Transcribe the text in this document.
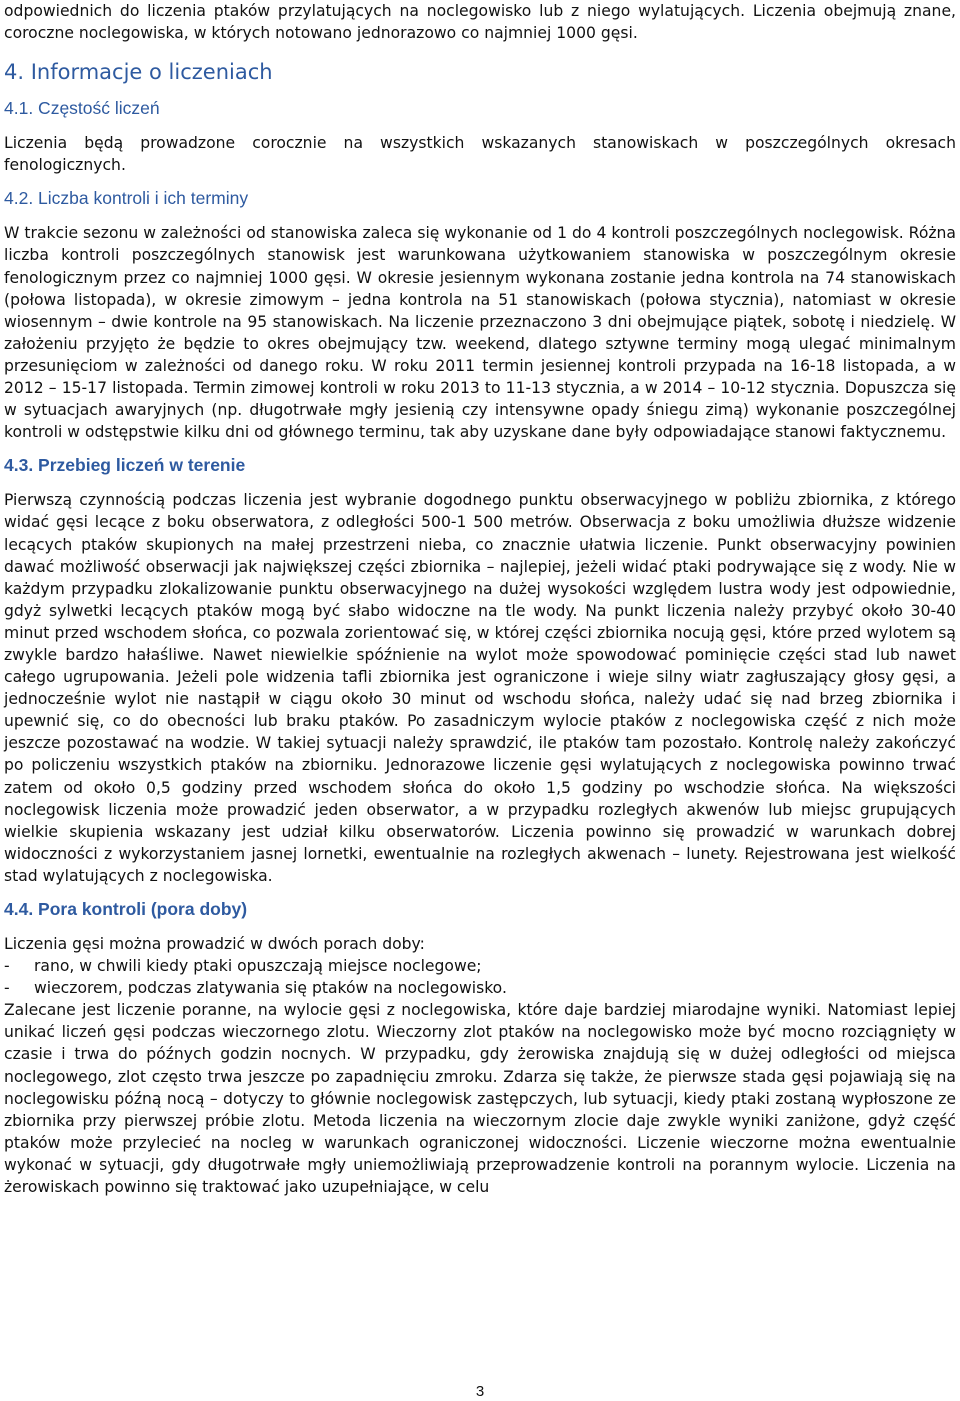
odpowiednich do liczenia ptaków przylatujących na noclegowisko lub z niego wylatujących. Liczenia obejmują znane, coroczne noclegowiska, w których notowano jednorazowo co najmniej 1000 gęsi.

4. Informacje o liczeniach
4.1. Częstość liczeń

Liczenia będą prowadzone corocznie na wszystkich wskazanych stanowiskach w poszczególnych okresach fenologicznych.

4.2. Liczba kontroli i ich terminy

W trakcie sezonu w zależności od stanowiska zaleca się wykonanie od 1 do 4 kontroli poszczególnych noclegowisk. Różna liczba kontroli poszczególnych stanowisk jest warunkowana użytkowaniem stanowiska w poszczególnym okresie fenologicznym przez co najmniej 1000 gęsi. W okresie jesiennym wykonana zostanie jedna kontrola na 74 stanowiskach (połowa listopada), w okresie zimowym – jedna kontrola na 51 stanowiskach (połowa stycznia), natomiast w okresie wiosennym – dwie kontrole na 95 stanowiskach. Na liczenie przeznaczono 3 dni obejmujące piątek, sobotę i niedzielę. W założeniu przyjęto że będzie to okres obejmujący tzw. weekend, dlatego sztywne terminy mogą ulegać minimalnym przesunięciom w zależności od danego roku. W roku 2011 termin jesiennej kontroli przypada na 16-18 listopada, a w 2012 – 15-17 listopada. Termin zimowej kontroli w roku 2013 to 11-13 stycznia, a w 2014 – 10-12 stycznia. Dopuszcza się w sytuacjach awaryjnych (np. długotrwałe mgły jesienią czy intensywne opady śniegu zimą) wykonanie poszczególnej kontroli w odstępstwie kilku dni od głównego terminu, tak aby uzyskane dane były odpowiadające stanowi faktycznemu.

4.3. Przebieg liczeń w terenie

Pierwszą czynnością podczas liczenia jest wybranie dogodnego punktu obserwacyjnego w pobliżu zbiornika, z którego widać gęsi lecące z boku obserwatora, z odległości 500-1 500 metrów. Obserwacja z boku umożliwia dłuższe widzenie lecących ptaków skupionych na małej przestrzeni nieba, co znacznie ułatwia liczenie. Punkt obserwacyjny powinien dawać możliwość obserwacji jak największej części zbiornika – najlepiej, jeżeli widać ptaki podrywające się z wody. Nie w każdym przypadku zlokalizowanie punktu obserwacyjnego na dużej wysokości względem lustra wody jest odpowiednie, gdyż sylwetki lecących ptaków mogą być słabo widoczne na tle wody. Na punkt liczenia należy przybyć około 30-40 minut przed wschodem słońca, co pozwala zorientować się, w której części zbiornika nocują gęsi, które przed wylotem są zwykle bardzo hałaśliwe. Nawet niewielkie spóźnienie na wylot może spowodować pominięcie części stad lub nawet całego ugrupowania. Jeżeli pole widzenia tafli zbiornika jest ograniczone i wieje silny wiatr zagłuszający głosy gęsi, a jednocześnie wylot nie nastąpił w ciągu około 30 minut od wschodu słońca, należy udać się nad brzeg zbiornika i upewnić się, co do obecności lub braku ptaków. Po zasadniczym wylocie ptaków z noclegowiska część z nich może jeszcze pozostawać na wodzie. W takiej sytuacji należy sprawdzić, ile ptaków tam pozostało. Kontrolę należy zakończyć po policzeniu wszystkich ptaków na zbiorniku. Jednorazowe liczenie gęsi wylatujących z noclegowiska powinno trwać zatem od około 0,5 godziny przed wschodem słońca do około 1,5 godziny po wschodzie słońca. Na większości noclegowisk liczenia może prowadzić jeden obserwator, a w przypadku rozległych akwenów lub miejsc grupujących wielkie skupienia wskazany jest udział kilku obserwatorów. Liczenia powinno się prowadzić w warunkach dobrej widoczności z wykorzystaniem jasnej lornetki, ewentualnie na rozległych akwenach – lunety. Rejestrowana jest wielkość stad wylatujących z noclegowiska.

4.4. Pora kontroli (pora doby)

Liczenia gęsi można prowadzić w dwóch porach doby:

- rano, w chwili kiedy ptaki opuszczają miejsce noclegowe;
- wieczorem, podczas zlatywania się ptaków na noclegowisko.

Zalecane jest liczenie poranne, na wylocie gęsi z noclegowiska, które daje bardziej miarodajne wyniki. Natomiast lepiej unikać liczeń gęsi podczas wieczornego zlotu. Wieczorny zlot ptaków na noclegowisko może być mocno rozciągnięty w czasie i trwa do późnych godzin nocnych. W przypadku, gdy żerowiska znajdują się w dużej odległości od miejsca noclegowego, zlot często trwa jeszcze po zapadnięciu zmroku. Zdarza się także, że pierwsze stada gęsi pojawiają się na noclegowisku późną nocą – dotyczy to głównie noclegowisk zastępczych, lub sytuacji, kiedy ptaki zostaną wypłoszone ze zbiornika przy pierwszej próbie zlotu. Metoda liczenia na wieczornym zlocie daje zwykle wyniki zaniżone, gdyż część ptaków może przylecieć na nocleg w warunkach ograniczonej widoczności. Liczenie wieczorne można ewentualnie wykonać w sytuacji, gdy długotrwałe mgły uniemożliwiają przeprowadzenie kontroli na porannym wylocie. Liczenia na żerowiskach powinno się traktować jako uzupełniające, w celu

3
